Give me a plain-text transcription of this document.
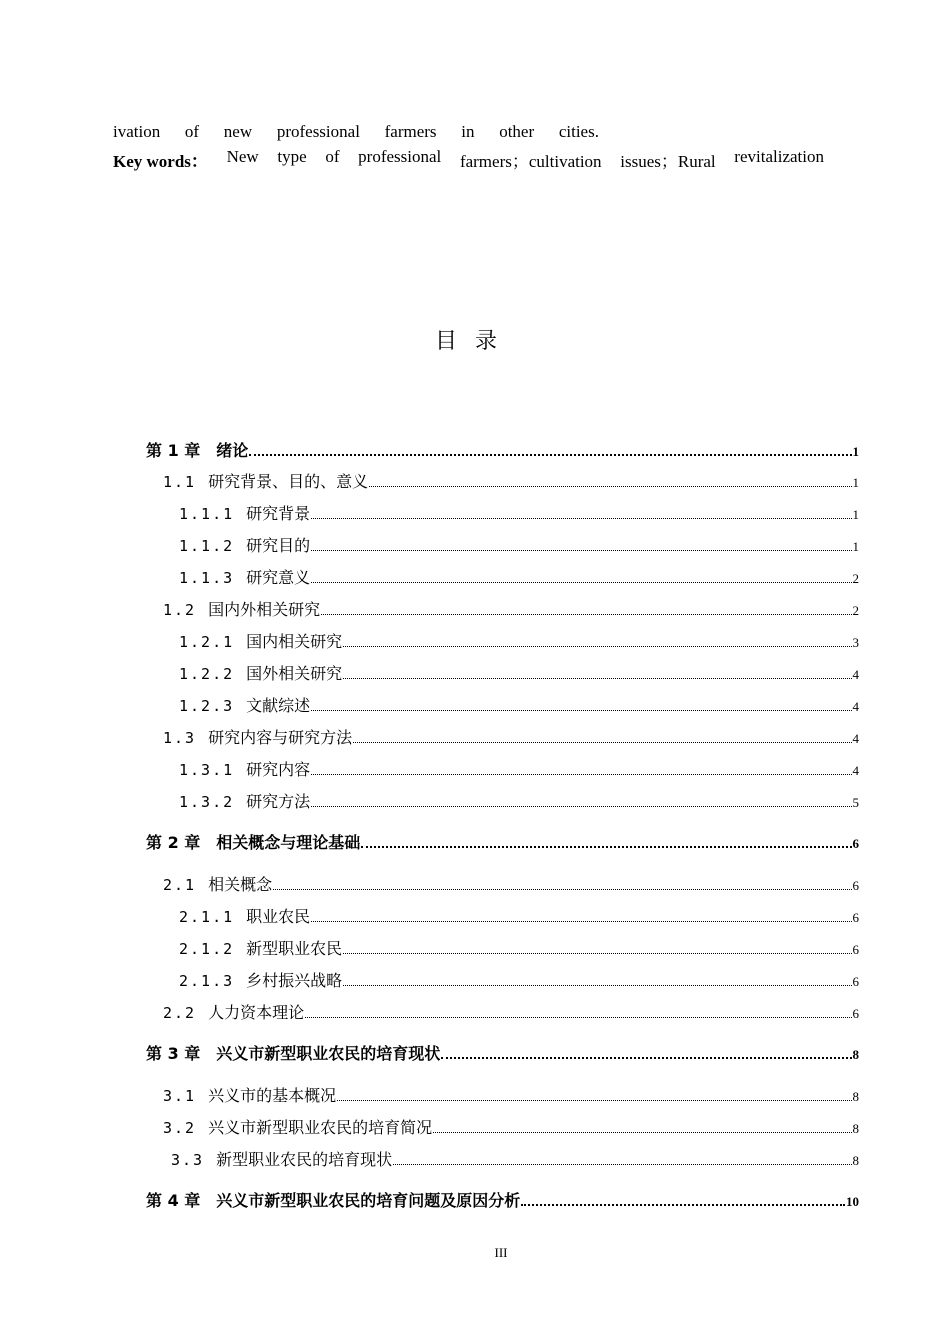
ivation of new professional farmers in other cities.
Key words： New type of professional farmers；cultivation issues；Rural revitalization
目录
第 1 章 绪论	1
1.1 研究背景、目的、意义	1
1.1.1 研究背景	1
1.1.2 研究目的	1
1.1.3 研究意义	2
1.2 国内外相关研究	2
1.2.1 国内相关研究	3
1.2.2 国外相关研究	4
1.2.3 文献综述	4
1.3 研究内容与研究方法	4
1.3.1 研究内容	4
1.3.2 研究方法	5
第 2 章 相关概念与理论基础	6
2.1 相关概念	6
2.1.1 职业农民	6
2.1.2 新型职业农民	6
2.1.3 乡村振兴战略	6
2.2 人力资本理论	6
第 3 章 兴义市新型职业农民的培育现状	8
3.1 兴义市的基本概况	8
3.2 兴义市新型职业农民的培育简况	8
3.3 新型职业农民的培育现状	8
第 4 章 兴义市新型职业农民的培育问题及原因分析	10
III
